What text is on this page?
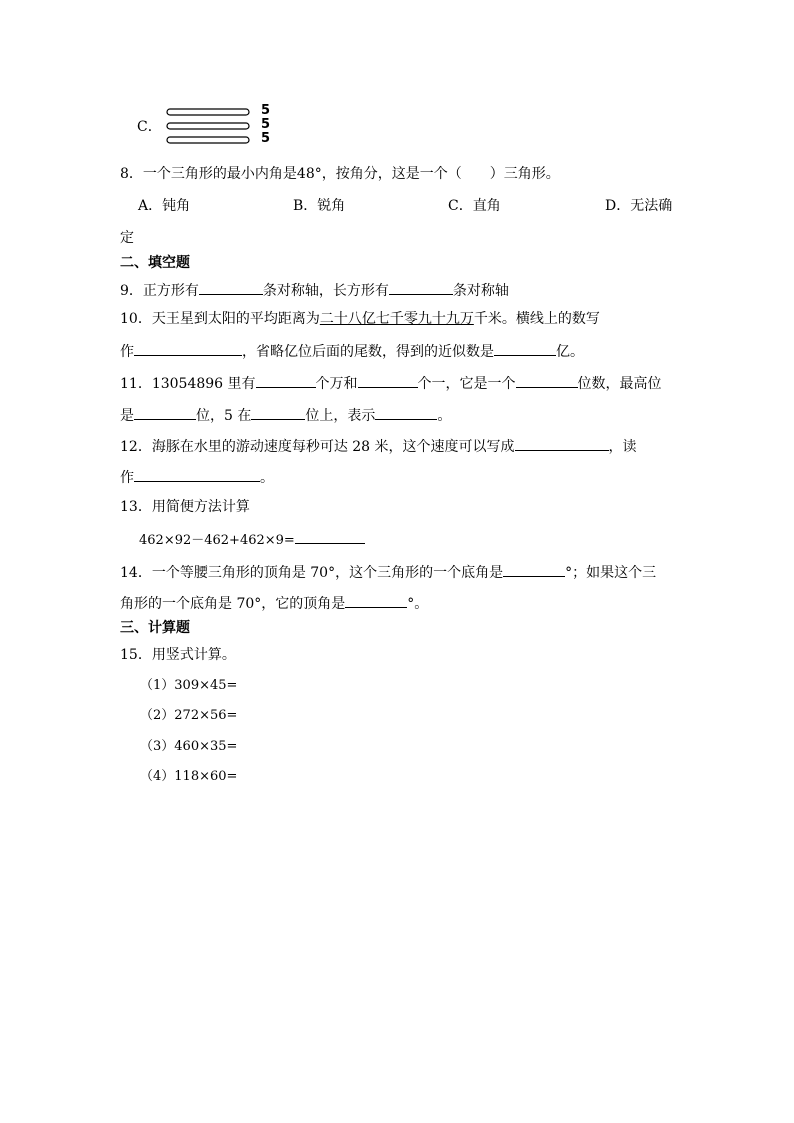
C．
5
5
5
8．一个三角形的最小内角是48°，按角分，这是一个（　　）三角形。
A．钝角	B．锐角	C．直角	D．无法确
定
二、填空题
9．正方形有	条对称轴，长方形有	条对称轴
10．天王星到太阳的平均距离为二十八亿七千零九十九万千米。横线上的数写
作	，省略亿位后面的尾数，得到的近似数是	亿。
11．13054896 里有	个万和	个一，它是一个	位数，最高位
是	位，5 在	位上，表示	。
12．海豚在水里的游动速度每秒可达 28 米，这个速度可以写成	，读
作	。
13．用简便方法计算
462×92－462+462×9=
14．一个等腰三角形的顶角是 70°，这个三角形的一个底角是	°；如果这个三
角形的一个底角是 70°，它的顶角是	°。
三、计算题
15．用竖式计算。
（1）309×45=
（2）272×56=
（3）460×35=
（4）118×60=
